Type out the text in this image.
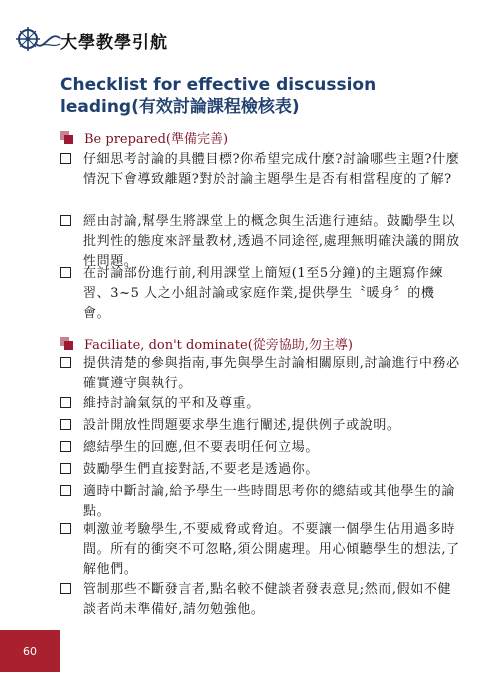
大學教學引航
Checklist for effective discussion leading(有效討論課程檢核表)
Be prepared(準備完善)
仔細思考討論的具體目標?你希望完成什麼?討論哪些主題?什麼情況下會導致離題?對於討論主題學生是否有相當程度的了解?
經由討論,幫學生將課堂上的概念與生活進行連結。鼓勵學生以批判性的態度來評量教材,透過不同途徑,處理無明確決議的開放性問題。
在討論部份進行前,利用課堂上簡短(1至5分鐘)的主題寫作練習、3~5 人之小組討論或家庭作業,提供學生〝暖身〞的機會。
Faciliate, don't dominate(從旁協助,勿主導)
提供清楚的參與指南,事先與學生討論相關原則,討論進行中務必確實遵守與執行。
維持討論氣氛的平和及尊重。
設計開放性問題要求學生進行闡述,提供例子或說明。
總結學生的回應,但不要表明任何立場。
鼓勵學生們直接對話,不要老是透過你。
適時中斷討論,給予學生一些時間思考你的總結或其他學生的論點。
刺激並考驗學生,不要威脅或脅迫。不要讓一個學生佔用過多時間。所有的衝突不可忽略,須公開處理。用心傾聽學生的想法,了解他們。
管制那些不斷發言者,點名較不健談者發表意見;然而,假如不健談者尚未準備好,請勿勉強他。
60
